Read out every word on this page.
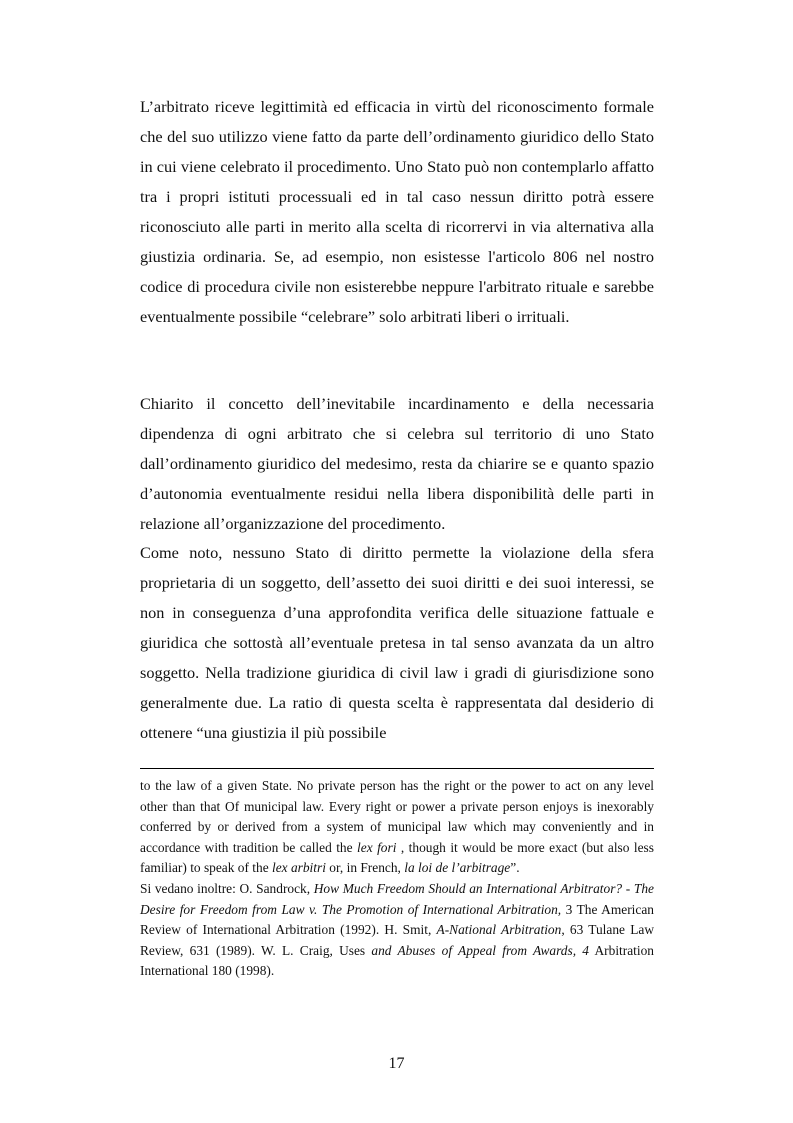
L’arbitrato riceve legittimità ed efficacia in virtù del riconoscimento formale che del suo utilizzo viene fatto da parte dell’ordinamento giuridico dello Stato in cui viene celebrato il procedimento. Uno Stato può non contemplarlo affatto tra i propri istituti processuali ed in tal caso nessun diritto potrà essere riconosciuto alle parti in merito alla scelta di ricorrervi in via alternativa alla giustizia ordinaria. Se, ad esempio, non esistesse l'articolo 806 nel nostro codice di procedura civile non esisterebbe neppure l'arbitrato rituale e sarebbe eventualmente possibile “celebrare” solo arbitrati liberi o irrituali.

Chiarito il concetto dell’inevitabile incardinamento e della necessaria dipendenza di ogni arbitrato che si celebra sul territorio di uno Stato dall’ordinamento giuridico del medesimo, resta da chiarire se e quanto spazio d’autonomia eventualmente residui nella libera disponibilità delle parti in relazione all’organizzazione del procedimento.

Come noto, nessuno Stato di diritto permette la violazione della sfera proprietaria di un soggetto, dell’assetto dei suoi diritti e dei suoi interessi, se non in conseguenza d’una approfondita verifica delle situazione fattuale e giuridica che sottostà all’eventuale pretesa in tal senso avanzata da un altro soggetto. Nella tradizione giuridica di civil law i gradi di giurisdizione sono generalmente due. La ratio di questa scelta è rappresentata dal desiderio di ottenere “una giustizia il più possibile

to the law of a given State. No private person has the right or the power to act on any level other than that Of municipal law. Every right or power a private person enjoys is inexorably conferred by or derived from a system of municipal law which may conveniently and in accordance with tradition be called the lex fori , though it would be more exact (but also less familiar) to speak of the lex arbitri or, in French, la loi de l’arbitrage”.

Si vedano inoltre: O. Sandrock, How Much Freedom Should an International Arbitrator? - The Desire for Freedom from Law v. The Promotion of International Arbitration, 3 The American Review of International Arbitration (1992). H. Smit, A-National Arbitration, 63 Tulane Law Review, 631 (1989). W. L. Craig, Uses and Abuses of Appeal from Awards, 4 Arbitration International 180 (1998).

17
